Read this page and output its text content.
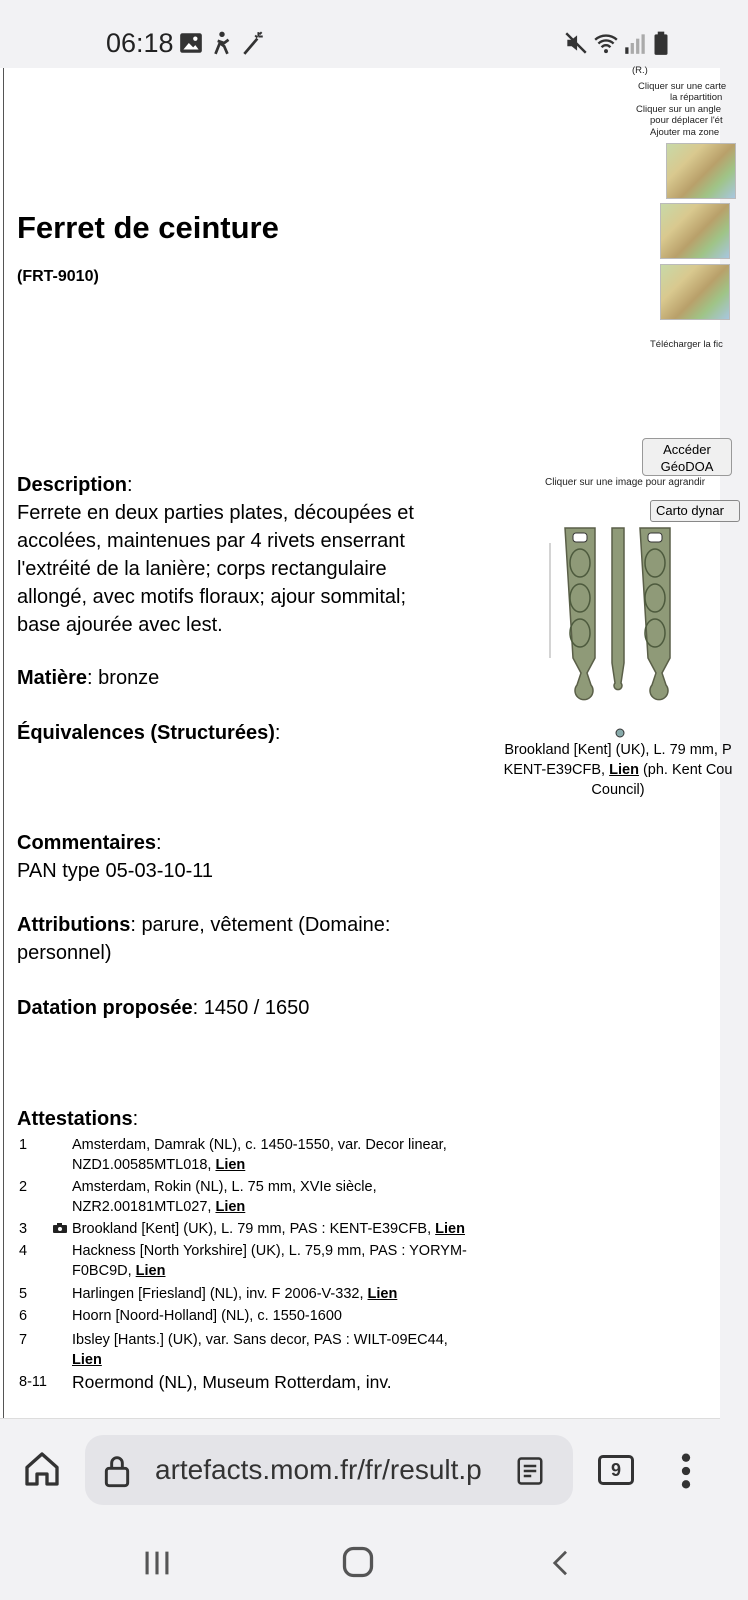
06:18
(R.)
Cliquer sur une carte
la répartition
Cliquer sur un angle
pour déplacer l'ét
Ajouter ma zone
Télécharger la fic
Accéder
GéoDOA
Carto dynar
Ferret de ceinture
(FRT-9010)
Description:
Ferrete en deux parties plates, découpées et accolées, maintenues par 4 rivets enserrant l'extréité de la lanière; corps rectangulaire allongé, avec motifs floraux; ajour sommital; base ajourée avec lest.
Matière: bronze
Équivalences (Structurées):
Commentaires:
PAN type 05-03-10-11
Attributions: parure, vêtement (Domaine: personnel)
Datation proposée: 1450 / 1650
Cliquer sur une image pour agrandir
Brookland [Kent] (UK), L. 79 mm, P
KENT-E39CFB, Lien (ph. Kent Cou
Council)
Attestations:
1	Amsterdam, Damrak (NL), c. 1450-1550, var. Decor linear, NZD1.00585MTL018, Lien
2	Amsterdam, Rokin (NL), L. 75 mm, XVIe siècle, NZR2.00181MTL027, Lien
3	Brookland [Kent] (UK), L. 79 mm, PAS : KENT-E39CFB, Lien
4	Hackness [North Yorkshire] (UK), L. 75,9 mm, PAS : YORYM-F0BC9D, Lien
5	Harlingen [Friesland] (NL), inv. F 2006-V-332, Lien
6	Hoorn [Noord-Holland] (NL), c. 1550-1600
7	Ibsley [Hants.] (UK), var. Sans decor, PAS : WILT-09EC44, Lien
8-11	Roermond (NL), Museum Rotterdam, inv.
artefacts.mom.fr/fr/result.p	9
